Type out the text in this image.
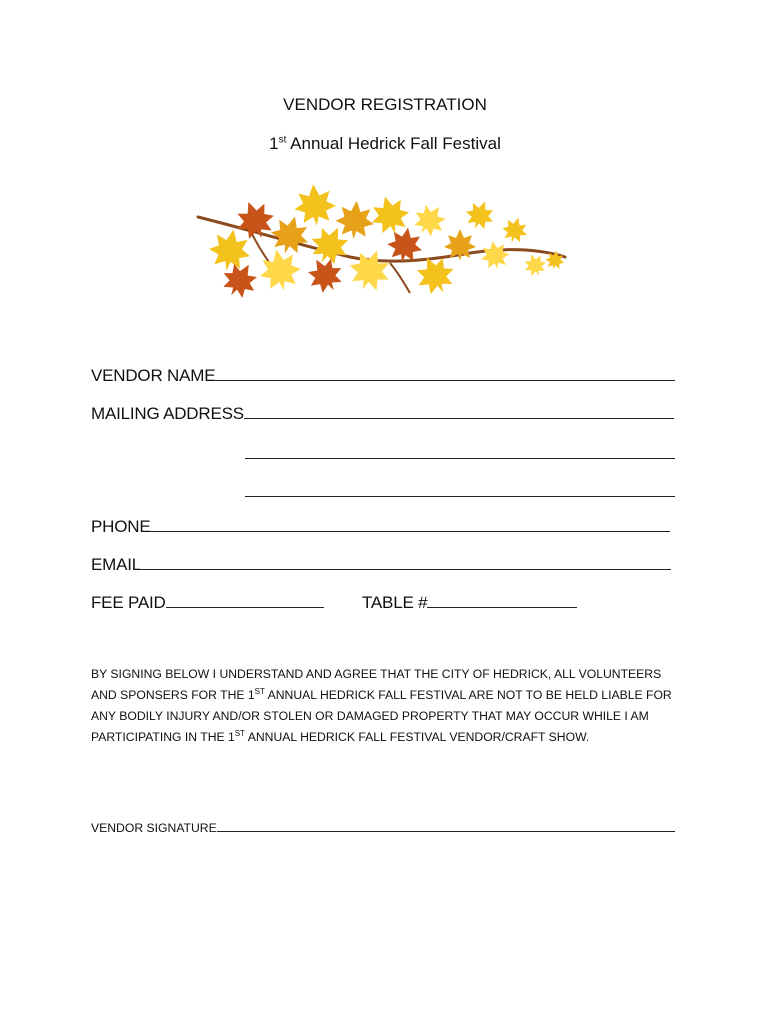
VENDOR REGISTRATION
1st Annual Hedrick Fall Festival
VENDOR NAME
MAILING ADDRESS
PHONE
EMAIL
FEE PAID	TABLE #

BY SIGNING BELOW I UNDERSTAND AND AGREE THAT THE CITY OF HEDRICK, ALL VOLUNTEERS

AND SPONSERS FOR THE 1ST ANNUAL HEDRICK FALL FESTIVAL ARE NOT TO BE HELD LIABLE FOR

ANY BODILY INJURY AND/OR STOLEN OR DAMAGED PROPERTY THAT MAY OCCUR WHILE I AM

PARTICIPATING IN THE 1ST ANNUAL HEDRICK FALL FESTIVAL VENDOR/CRAFT SHOW.

VENDOR SIGNATURE
